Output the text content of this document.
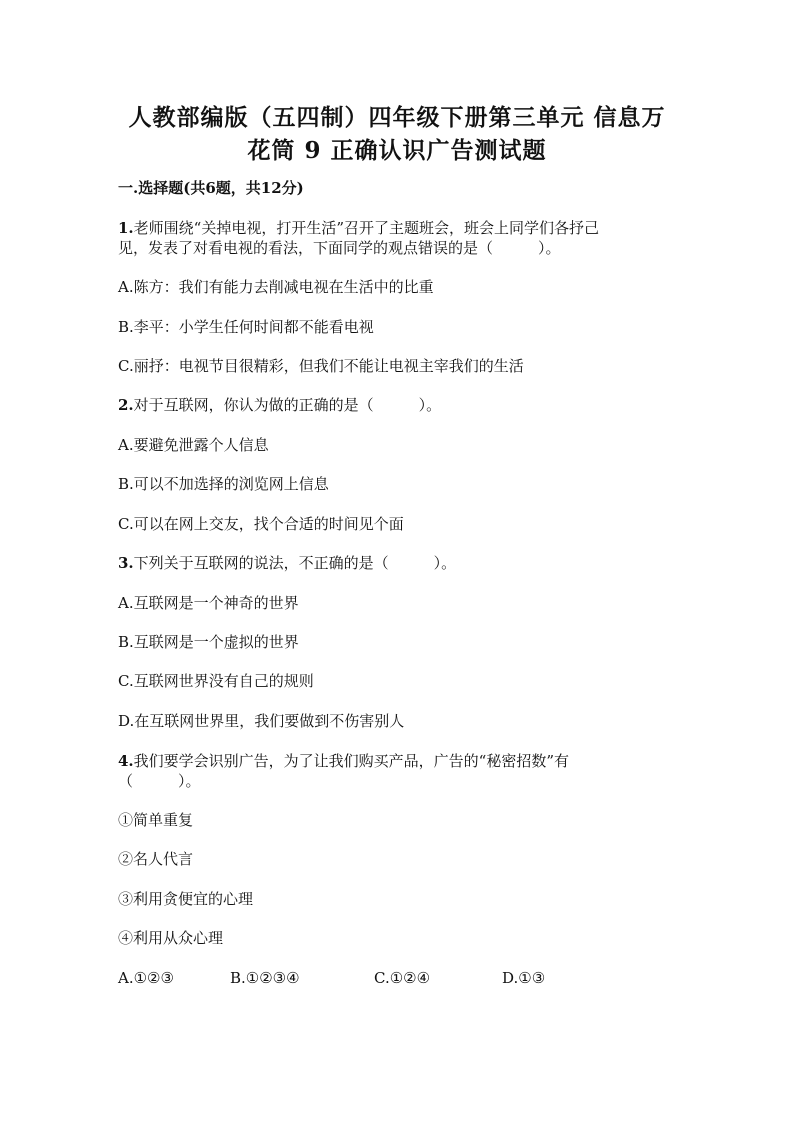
人教部编版（五四制）四年级下册第三单元 信息万
花筒 9 正确认识广告测试题
一.选择题(共6题，共12分)
1.老师围绕“关掉电视，打开生活”召开了主题班会，班会上同学们各抒己
见，发表了对看电视的看法，下面同学的观点错误的是（　　　）。
A.陈方：我们有能力去削减电视在生活中的比重
B.李平：小学生任何时间都不能看电视
C.丽抒：电视节目很精彩，但我们不能让电视主宰我们的生活
2.对于互联网，你认为做的正确的是（　　　）。
A.要避免泄露个人信息
B.可以不加选择的浏览网上信息
C.可以在网上交友，找个合适的时间见个面
3.下列关于互联网的说法，不正确的是（　　　）。
A.互联网是一个神奇的世界
B.互联网是一个虚拟的世界
C.互联网世界没有自己的规则
D.在互联网世界里，我们要做到不伤害别人
4.我们要学会识别广告，为了让我们购买产品，广告的“秘密招数”有
（　　　）。
①简单重复
②名人代言
③利用贪便宜的心理
④利用从众心理
A.①②③	B.①②③④	C.①②④	D.①③
